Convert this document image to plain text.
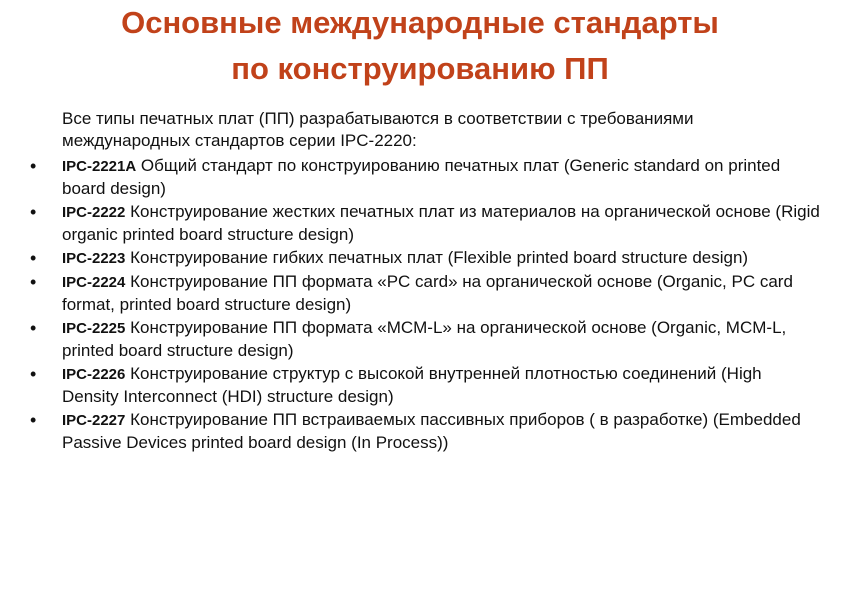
Основные международные стандарты
по конструированию ПП

Все типы печатных плат (ПП) разрабатываются в соответствии с требованиями международных стандартов серии IPC-2220:

•	IPC-2221A Общий стандарт по конструированию печатных плат (Generic standard on printed board design)
•	IPC-2222 Конструирование жестких печатных плат из материалов на органической основе (Rigid organic printed board structure design)
•	IPC-2223 Конструирование гибких печатных плат (Flexible printed board structure design)
•	IPC-2224 Конструирование ПП формата «PC card» на органической основе (Organic, PC card format, printed board structure design)
•	IPC-2225 Конструирование ПП формата «MCM-L» на органической основе (Organic, MCM-L, printed board structure design)
•	IPC-2226 Конструирование структур с высокой внутренней плотностью соединений (High Density Interconnect (HDI) structure design)
•	IPC-2227 Конструирование ПП встраиваемых пассивных приборов ( в разработке) (Embedded Passive Devices printed board design (In Process))
